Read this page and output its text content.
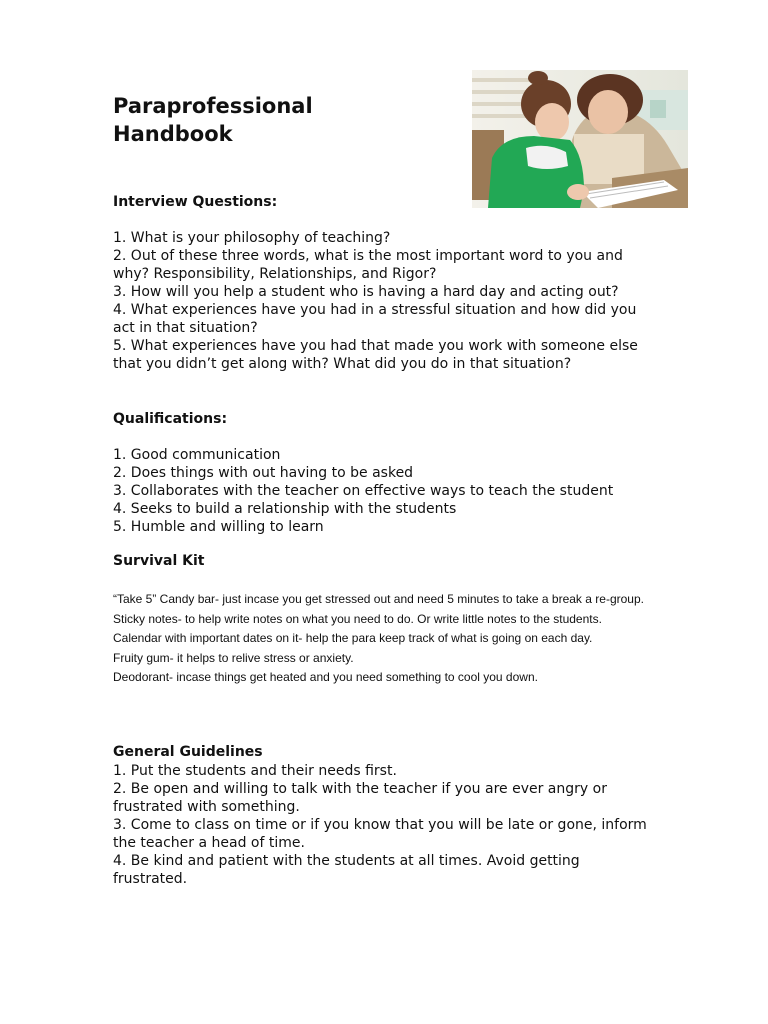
Paraprofessional
Handbook
Interview Questions:
1. What is your philosophy of teaching?
2. Out of these three words, what is the most important word to you and why? Responsibility, Relationships, and Rigor?
3. How will you help a student who is having a hard day and acting out?
4. What experiences have you had in a stressful situation and how did you act in that situation?
5. What experiences have you had that made you work with someone else that you didn’t get along with? What did you do in that situation?
Qualifications:
1. Good communication
2. Does things with out having to be asked
3. Collaborates with the teacher on effective ways to teach the student
4. Seeks to build a relationship with the students
5. Humble and willing to learn
Survival Kit
“Take 5” Candy bar- just incase you get stressed out and need 5 minutes to take a break a re-group.
Sticky notes- to help write notes on what you need to do. Or write little notes to the students.
Calendar with important dates on it- help the para keep track of what is going on each day.
Fruity gum- it helps to relive stress or anxiety.
Deodorant- incase things get heated and you need something to cool you down.
General Guidelines
1. Put the students and their needs first.
2. Be open and willing to talk with the teacher if you are ever angry or frustrated with something.
3. Come to class on time or if you know that you will be late or gone, inform the teacher a head of time.
4. Be kind and patient with the students at all times. Avoid getting frustrated.
